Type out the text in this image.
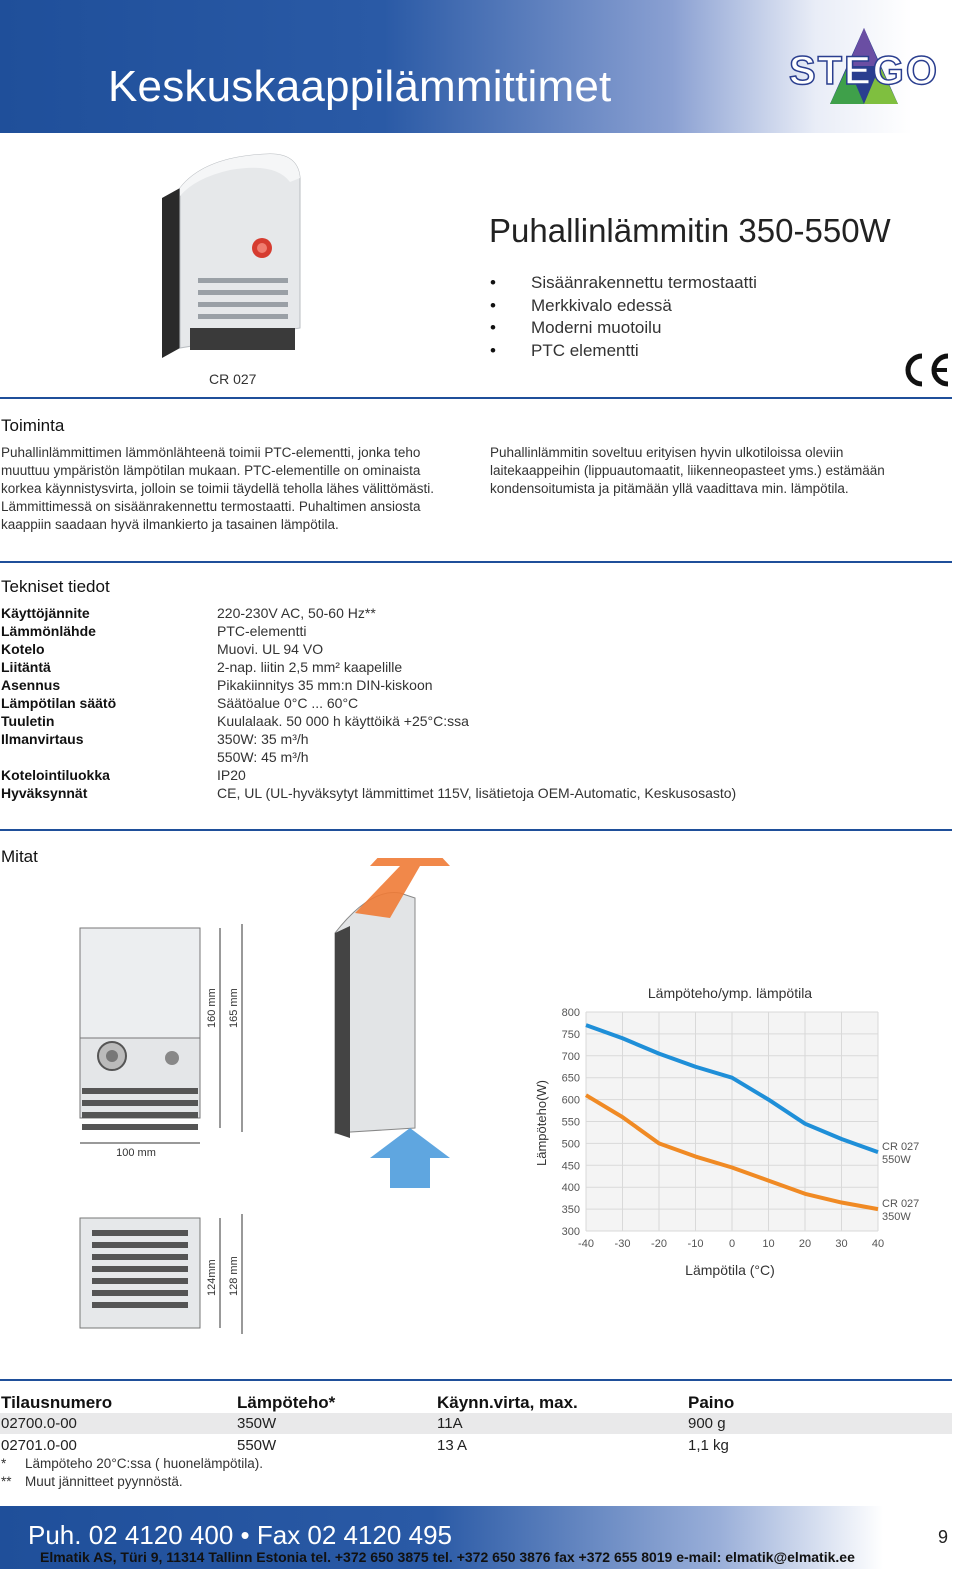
Keskuskaappilämmittimet	STEGO
CR 027
Puhallinlämmitin 350-550W
• Sisäänrakennettu termostaatti
• Merkkivalo edessä
• Moderni muotoilu
• PTC elementti
Toiminta
Puhallinlämmittimen lämmönlähteenä toimii PTC-elementti, jonka teho
muuttuu ympäristön lämpötilan mukaan. PTC-elementille on ominaista
korkea käynnistysvirta, jolloin se toimii täydellä teholla lähes välittömästi.
Lämmittimessä on sisäänrakennettu termostaatti. Puhaltimen ansiosta
kaappiin saadaan hyvä ilmankierto ja tasainen lämpötila.
Puhallinlämmitin soveltuu erityisen hyvin ulkotiloissa oleviin
laitekaappeihin (lippuautomaatit, liikenneopasteet yms.) estämään
kondensoitumista ja pitämään yllä vaadittava min. lämpötila.
Tekniset tiedot
Käyttöjännite	220-230V AC, 50-60 Hz**
Lämmönlähde	PTC-elementti
Kotelo	Muovi. UL 94 VO
Liitäntä	2-nap. liitin 2,5 mm² kaapelille
Asennus	Pikakiinnitys 35 mm:n DIN-kiskoon
Lämpötilan säätö	Säätöalue 0°C ... 60°C
Tuuletin	Kuulalaak. 50 000 h käyttöikä +25°C:ssa
Ilmanvirtaus	350W: 35 m³/h
550W: 45 m³/h
Kotelointiluokka	IP20
Hyväksynnät	CE, UL (UL-hyväksytyt lämmittimet 115V, lisätietoja OEM-Automatic, Keskusosasto)
Mitat
100 mm
160 mm 165 mm
124mm 128 mm
Lämpöteho/ymp. lämpötila
Lämpötila (°C)
Lämpöteho(W)
300
350
400
450
500
550
600
650
700
750
800
-40 -30 -20 -10 0 10 20 30 40
CR 027
550W
CR 027
350W
Tilausnumero	Lämpöteho*	Käynn.virta, max.	Paino
02700.0-00	350W	11A	900 g
02701.0-00	550W	13 A	1,1 kg
* Lämpöteho 20°C:ssa ( huonelämpötila).
** Muut jännitteet pyynnöstä.
Puh. 02 4120 400 • Fax 02 4120 495	9
Elmatik AS, Türi 9, 11314 Tallinn Estonia tel. +372 650 3875 tel. +372 650 3876 fax +372 655 8019 e-mail: elmatik@elmatik.ee
